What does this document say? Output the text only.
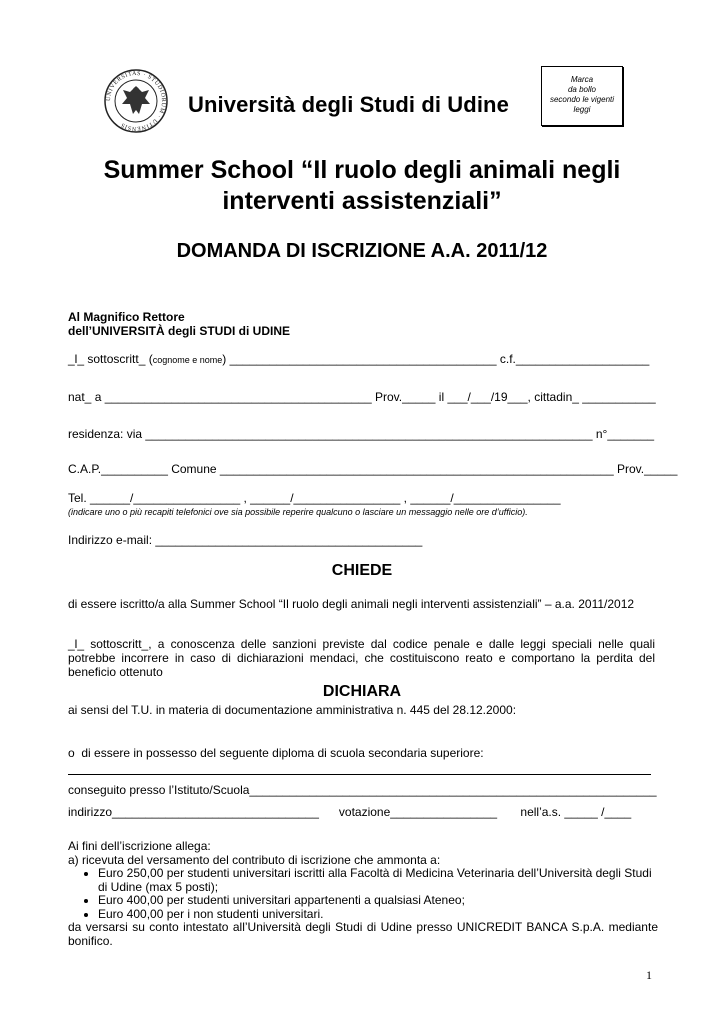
UNIVERSITAS · STUDIORUM · UTINENSIS
Università degli Studi di Udine
Marca
da bollo
secondo le vigenti
leggi
Summer School “Il ruolo degli animali negli
interventi assistenziali”
DOMANDA DI ISCRIZIONE A.A. 2011/12
Al Magnifico Rettore
dell’UNIVERSITÀ degli STUDI di UDINE
_l_ sottoscritt_ (cognome e nome) ________________________________________ c.f.____________________
nat_ a ________________________________________ Prov._____ il ___/___/19___, cittadin_ ___________
residenza: via ___________________________________________________________________ n°_______
C.A.P.__________ Comune ___________________________________________________________ Prov._____
Tel. ______/________________ , ______/________________ , ______/________________
(indicare uno o più recapiti telefonici ove sia possibile reperire qualcuno o lasciare un messaggio nelle ore d’ufficio).
Indirizzo e-mail: ________________________________________
CHIEDE
di essere iscritto/a alla Summer School “Il ruolo degli animali negli interventi assistenziali” – a.a. 2011/2012
_l_ sottoscritt_, a conoscenza delle sanzioni previste dal codice penale e dalle leggi speciali nelle quali potrebbe incorrere in caso di dichiarazioni mendaci, che costituiscono reato e comportano la perdita del beneficio ottenuto
DICHIARA
ai sensi del T.U. in materia di documentazione amministrativa n. 445 del 28.12.2000:
o di essere in possesso del seguente diploma di scuola secondaria superiore:
conseguito presso l’Istituto/Scuola_____________________________________________________________
indirizzo_______________________________      votazione________________       nell’a.s. _____ /____
Ai fini dell’iscrizione allega:
a) ricevuta del versamento del contributo di iscrizione che ammonta a:
• Euro 250,00 per studenti universitari iscritti alla Facoltà di Medicina Veterinaria dell’Università degli Studi di Udine (max 5 posti);
• Euro 400,00 per studenti universitari appartenenti a qualsiasi Ateneo;
• Euro 400,00 per i non studenti universitari.
da versarsi su conto intestato all’Università degli Studi di Udine presso UNICREDIT BANCA S.p.A. mediante bonifico.
1
